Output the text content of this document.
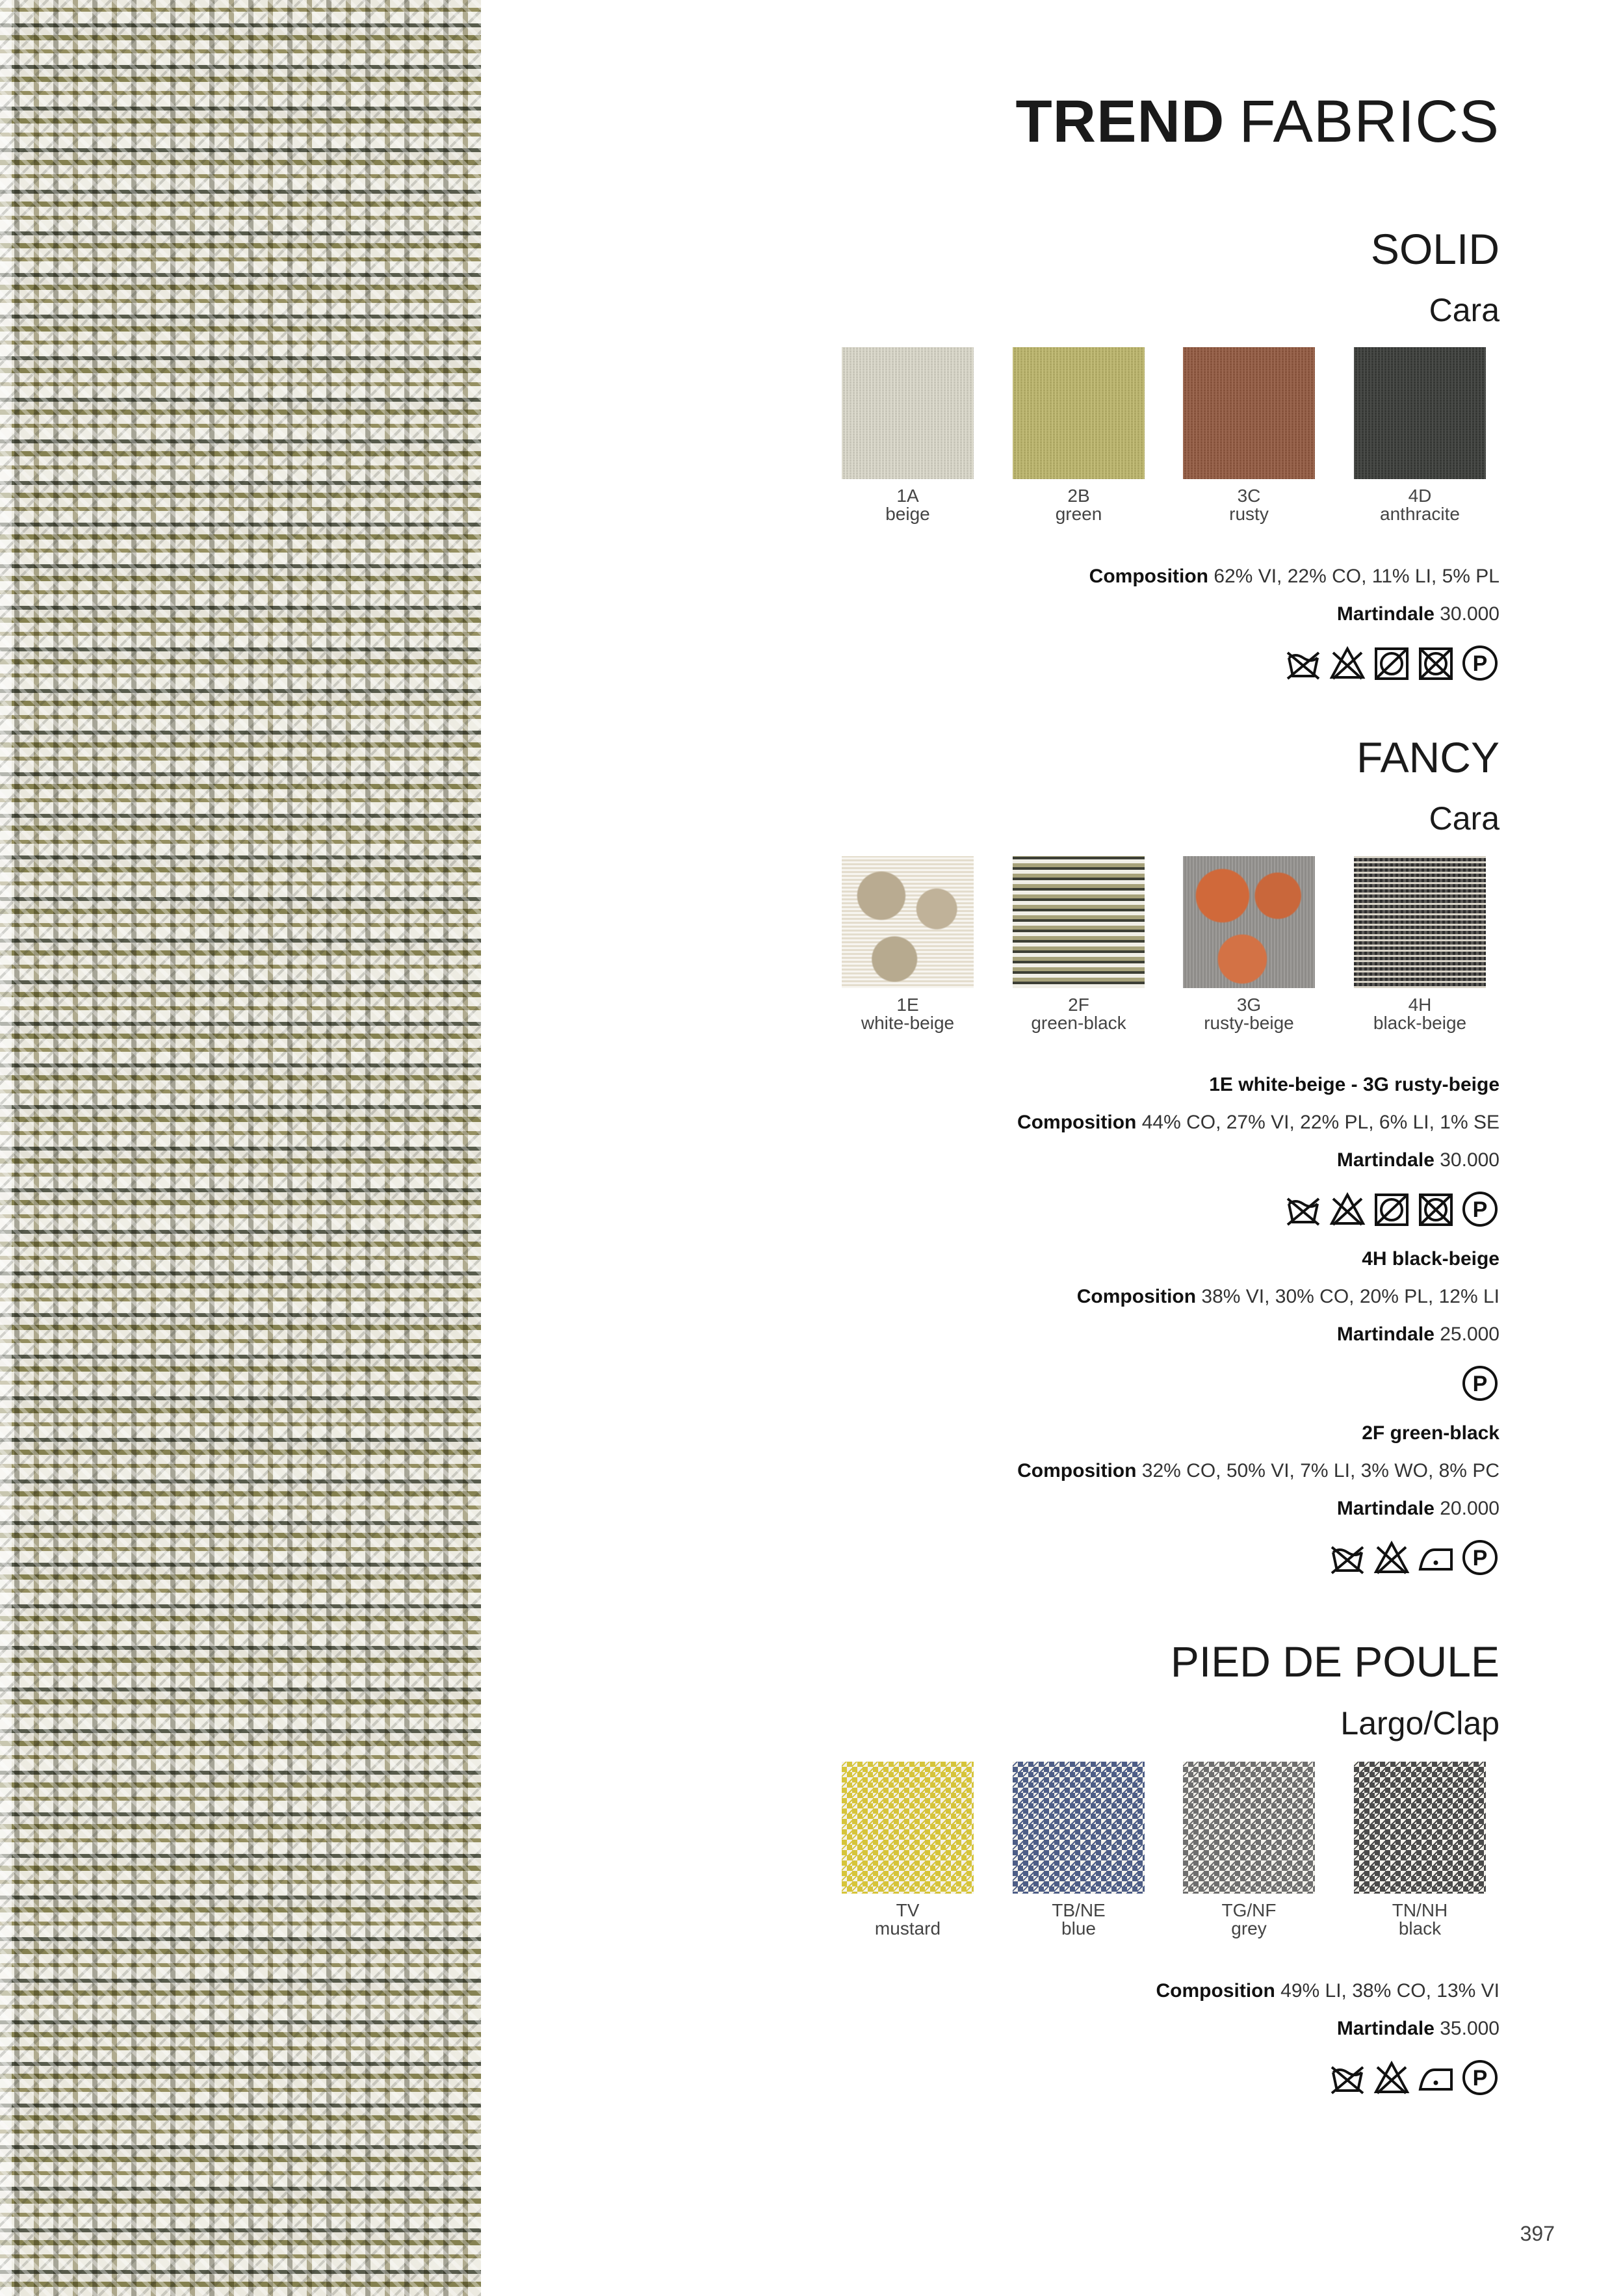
TREND FABRICS
SOLID
Cara
1A
beige
2B
green
3C
rusty
4D
anthracite
Composition 62% VI, 22% CO, 11% LI, 5% PL
Martindale 30.000
P
FANCY
Cara
1E
white-beige
2F
green-black
3G
rusty-beige
4H
black-beige
1E white-beige - 3G rusty-beige
Composition 44% CO, 27% VI, 22% PL, 6% LI, 1% SE
Martindale 30.000
P
4H black-beige
Composition 38% VI, 30% CO, 20% PL, 12% LI
Martindale 25.000
P
2F green-black
Composition 32% CO, 50% VI, 7% LI, 3% WO, 8% PC
Martindale 20.000
P
PIED DE POULE
Largo/Clap
TV
mustard
TB/NE
blue
TG/NF
grey
TN/NH
black
Composition 49% LI, 38% CO, 13% VI
Martindale 35.000
P
397
